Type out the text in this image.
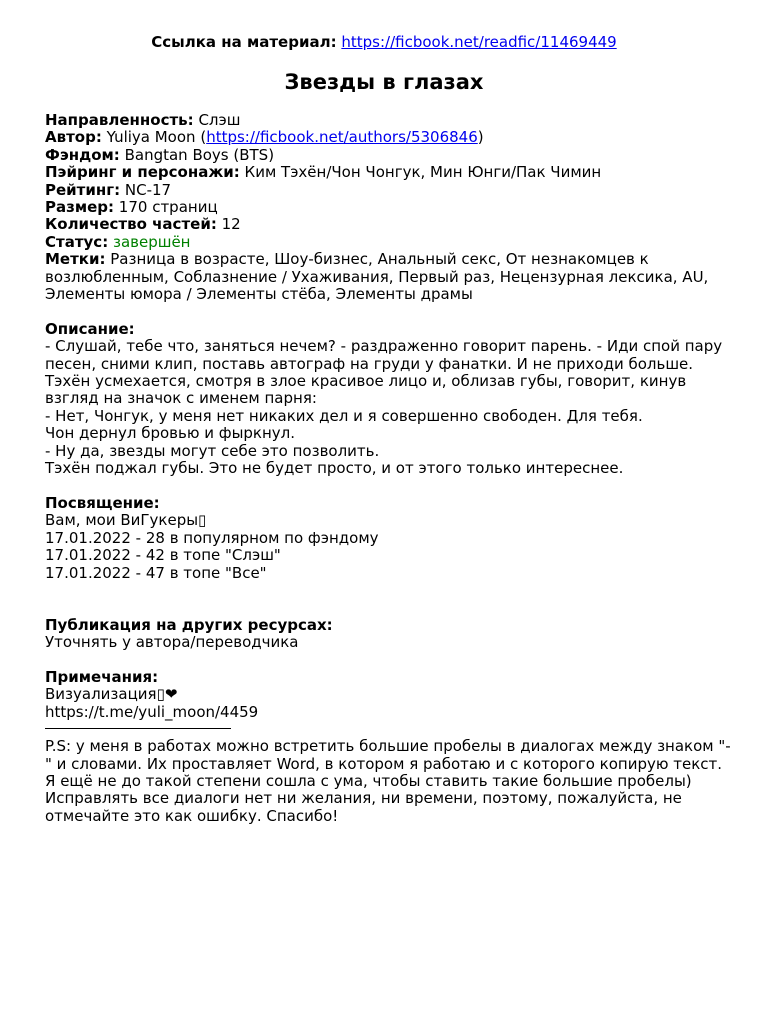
Ссылка на материал: https://ficbook.net/readfic/11469449
Звезды в глазах
Направленность: Слэш
Автор: Yuliya Moon (https://ficbook.net/authors/5306846)
Фэндом: Bangtan Boys (BTS)
Пэйринг и персонажи: Ким Тэхён/Чон Чонгук, Мин Юнги/Пак Чимин
Рейтинг: NC-17
Размер: 170 страниц
Количество частей: 12
Статус: завершён
Метки: Разница в возрасте, Шоу-бизнес, Анальный секс, От незнакомцев к возлюбленным, Соблазнение / Ухаживания, Первый раз, Нецензурная лексика, AU, Элементы юмора / Элементы стёба, Элементы драмы
Описание:
- Слушай, тебе что, заняться нечем? - раздраженно говорит парень. - Иди спой пару песен, сними клип, поставь автограф на груди у фанатки. И не приходи больше.
Тэхён усмехается, смотря в злое красивое лицо и, облизав губы, говорит, кинув взгляд на значок с именем парня:
- Нет, Чонгук, у меня нет никаких дел и я совершенно свободен. Для тебя.
Чон дернул бровью и фыркнул.
- Ну да, звезды могут себе это позволить.
Тэхён поджал губы. Это не будет просто, и от этого только интереснее.
Посвящение:
Вам, мои ВиГукеры▯
17.01.2022 - 28 в популярном по фэндому
17.01.2022 - 42 в топе "Слэш"
17.01.2022 - 47 в топе "Все"
Публикация на других ресурсах:
Уточнять у автора/переводчика
Примечания:
Визуализация▯❤
https://t.me/yuli_moon/4459
P.S: у меня в работах можно встретить большие пробелы в диалогах между знаком "-" и словами. Их проставляет Word, в котором я работаю и с которого копирую текст. Я ещё не до такой степени сошла с ума, чтобы ставить такие большие пробелы) Исправлять все диалоги нет ни желания, ни времени, поэтому, пожалуйста, не отмечайте это как ошибку. Спасибо!
